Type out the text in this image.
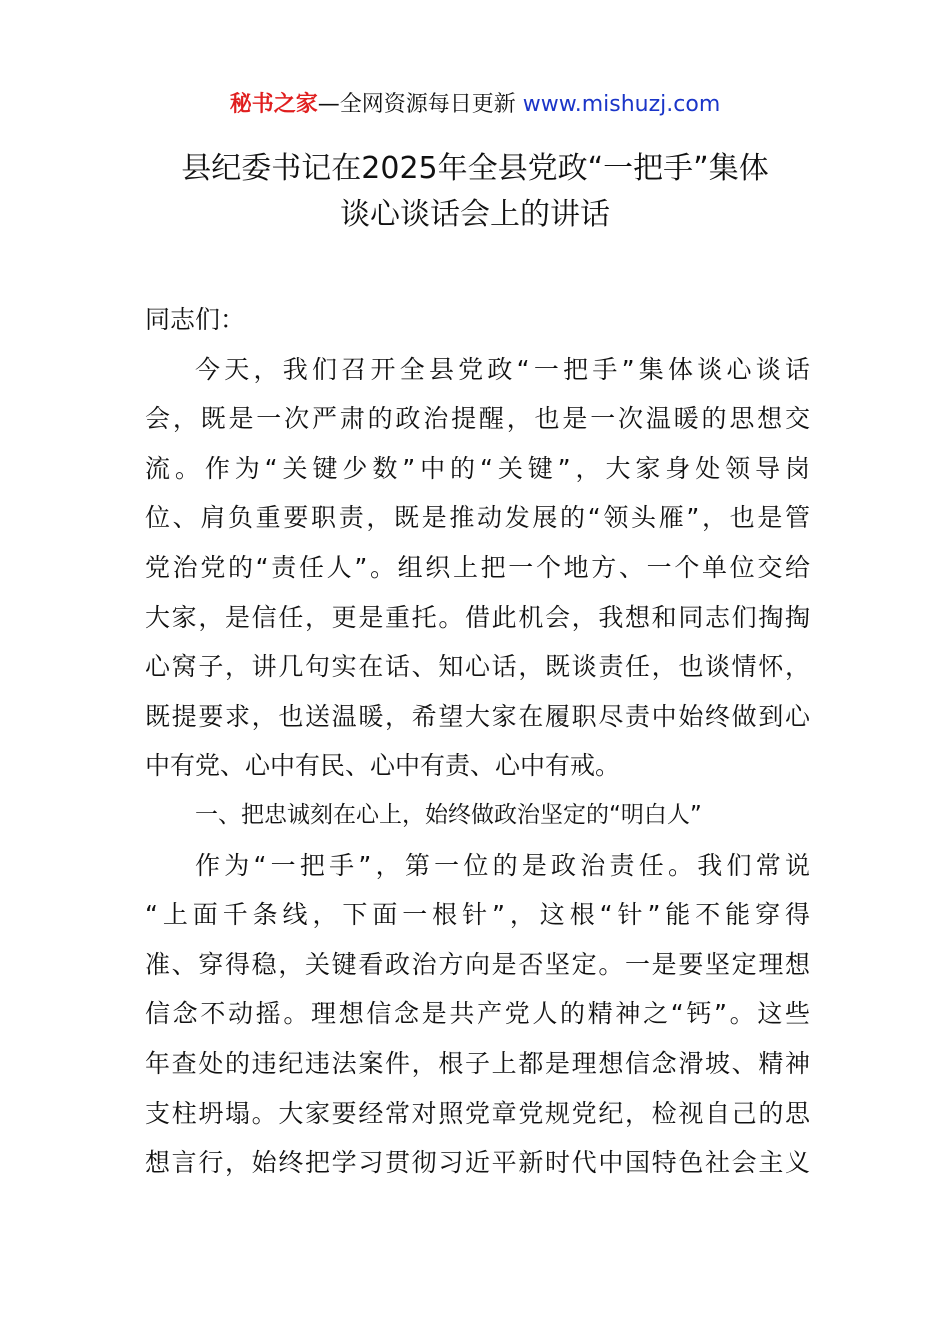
秘书之家—全网资源每日更新 www.mishuzj.com
县纪委书记在2025年全县党政“一把手”集体
谈心谈话会上的讲话
同志们：
今天，我们召开全县党政“一把手”集体谈心谈话
会，既是一次严肃的政治提醒，也是一次温暖的思想交
流。作为“关键少数”中的“关键”，大家身处领导岗
位、肩负重要职责，既是推动发展的“领头雁”，也是管
党治党的“责任人”。组织上把一个地方、一个单位交给
大家，是信任，更是重托。借此机会，我想和同志们掏掏
心窝子，讲几句实在话、知心话，既谈责任，也谈情怀，
既提要求，也送温暖，希望大家在履职尽责中始终做到心
中有党、心中有民、心中有责、心中有戒。
一、把忠诚刻在心上，始终做政治坚定的“明白人”
作为“一把手”，第一位的是政治责任。我们常说
“上面千条线，下面一根针”，这根“针”能不能穿得
准、穿得稳，关键看政治方向是否坚定。一是要坚定理想
信念不动摇。理想信念是共产党人的精神之“钙”。这些
年查处的违纪违法案件，根子上都是理想信念滑坡、精神
支柱坍塌。大家要经常对照党章党规党纪，检视自己的思
想言行，始终把学习贯彻习近平新时代中国特色社会主义
